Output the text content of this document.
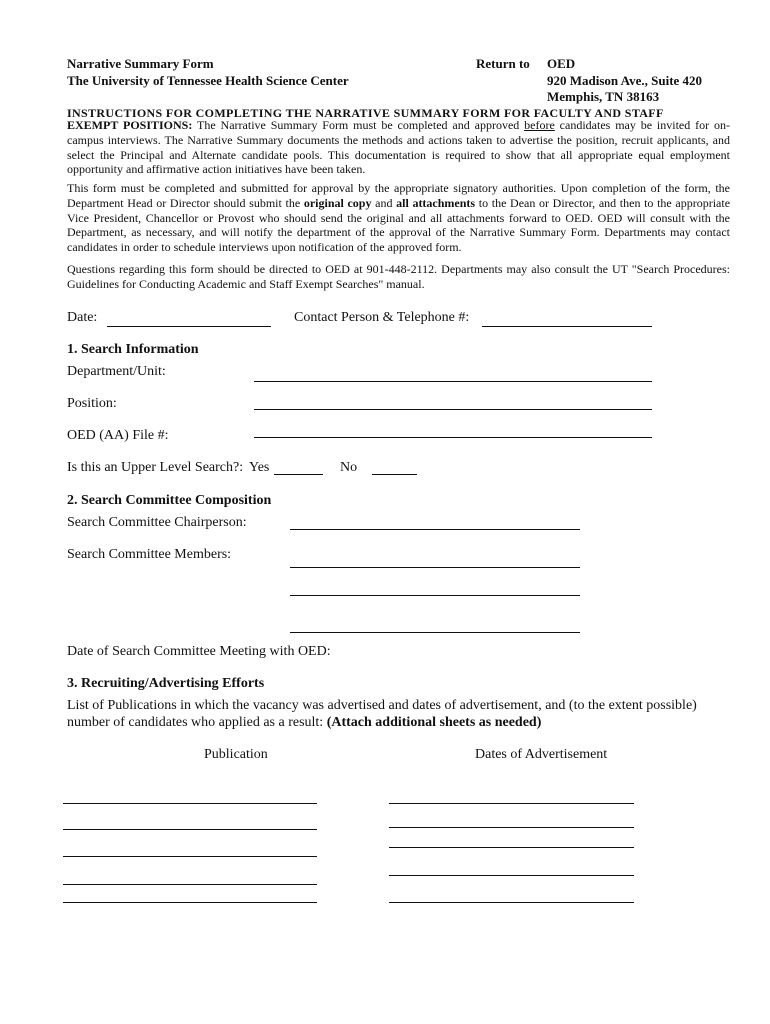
Narrative Summary Form
The University of Tennessee Health Science Center
Return to OED
920 Madison Ave., Suite 420
Memphis, TN 38163
INSTRUCTIONS FOR COMPLETING THE NARRATIVE SUMMARY FORM FOR FACULTY AND STAFF
EXEMPT POSITIONS: The Narrative Summary Form must be completed and approved before candidates may be invited for on-campus interviews. The Narrative Summary documents the methods and actions taken to advertise the position, recruit applicants, and select the Principal and Alternate candidate pools. This documentation is required to show that all appropriate equal employment opportunity and affirmative action initiatives have been taken.
This form must be completed and submitted for approval by the appropriate signatory authorities. Upon completion of the form, the Department Head or Director should submit the original copy and all attachments to the Dean or Director, and then to the appropriate Vice President, Chancellor or Provost who should send the original and all attachments forward to OED. OED will consult with the Department, as necessary, and will notify the department of the approval of the Narrative Summary Form. Departments may contact candidates in order to schedule interviews upon notification of the approved form.
Questions regarding this form should be directed to OED at 901-448-2112. Departments may also consult the UT "Search Procedures: Guidelines for Conducting Academic and Staff Exempt Searches" manual.
Date:	Contact Person & Telephone #:
1. Search Information
Department/Unit:
Position:
OED (AA) File #:
Is this an Upper Level Search?: Yes	No
2. Search Committee Composition
Search Committee Chairperson:
Search Committee Members:
Date of Search Committee Meeting with OED:
3. Recruiting/Advertising Efforts
List of Publications in which the vacancy was advertised and dates of advertisement, and (to the extent possible)
number of candidates who applied as a result: (Attach additional sheets as needed)
Publication	Dates of Advertisement
